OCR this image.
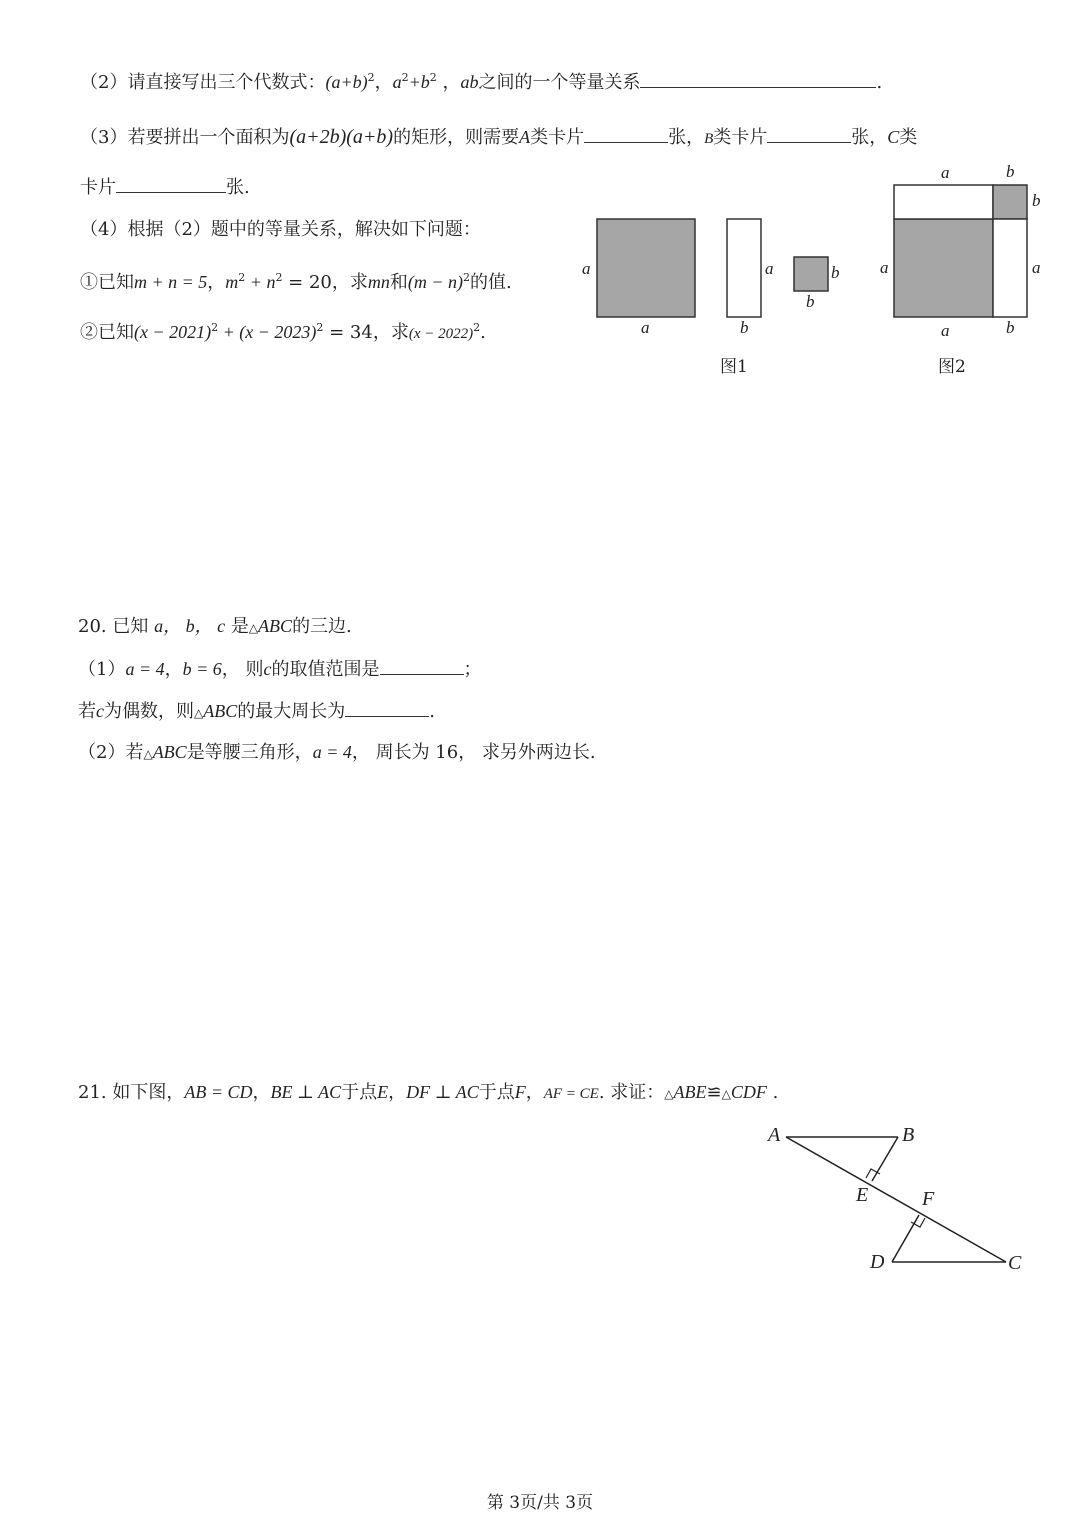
（2）请直接写出三个代数式：$(a+b)^2$，$a^2+b^2$ ，ab之间的一个等量关系	.
（3）若要拼出一个面积为(a+2b)(a+b)的矩形，则需要A类卡片	张，B类卡片	张，C类
卡片	张.
（4）根据（2）题中的等量关系，解决如下问题：
①已知m + n = 5，$m^2 + n^2 = 20$，求mn和$(m - n)^2$的值.
②已知$(x - 2021)^2 + (x - 2023)^2 = 34$，求$(x - 2022)^2$.
a
a
a
b
b
b
图1
a	b
b
a	a
a	b
图2
20. 已知 a， b， c 是△ABC的三边.
（1）a = 4，b = 6， 则c的取值范围是	；
若c为偶数，则△ABC的最大周长为	.
（2）若△ABC是等腰三角形，a = 4， 周长为 16， 求另外两边长.
21. 如下图，AB = CD，BE ⊥ AC于点E，DF ⊥ AC于点F，AF = CE. 求证：△ABE≌△CDF .
A	B
E	F
D	C
第 3页/共 3页
